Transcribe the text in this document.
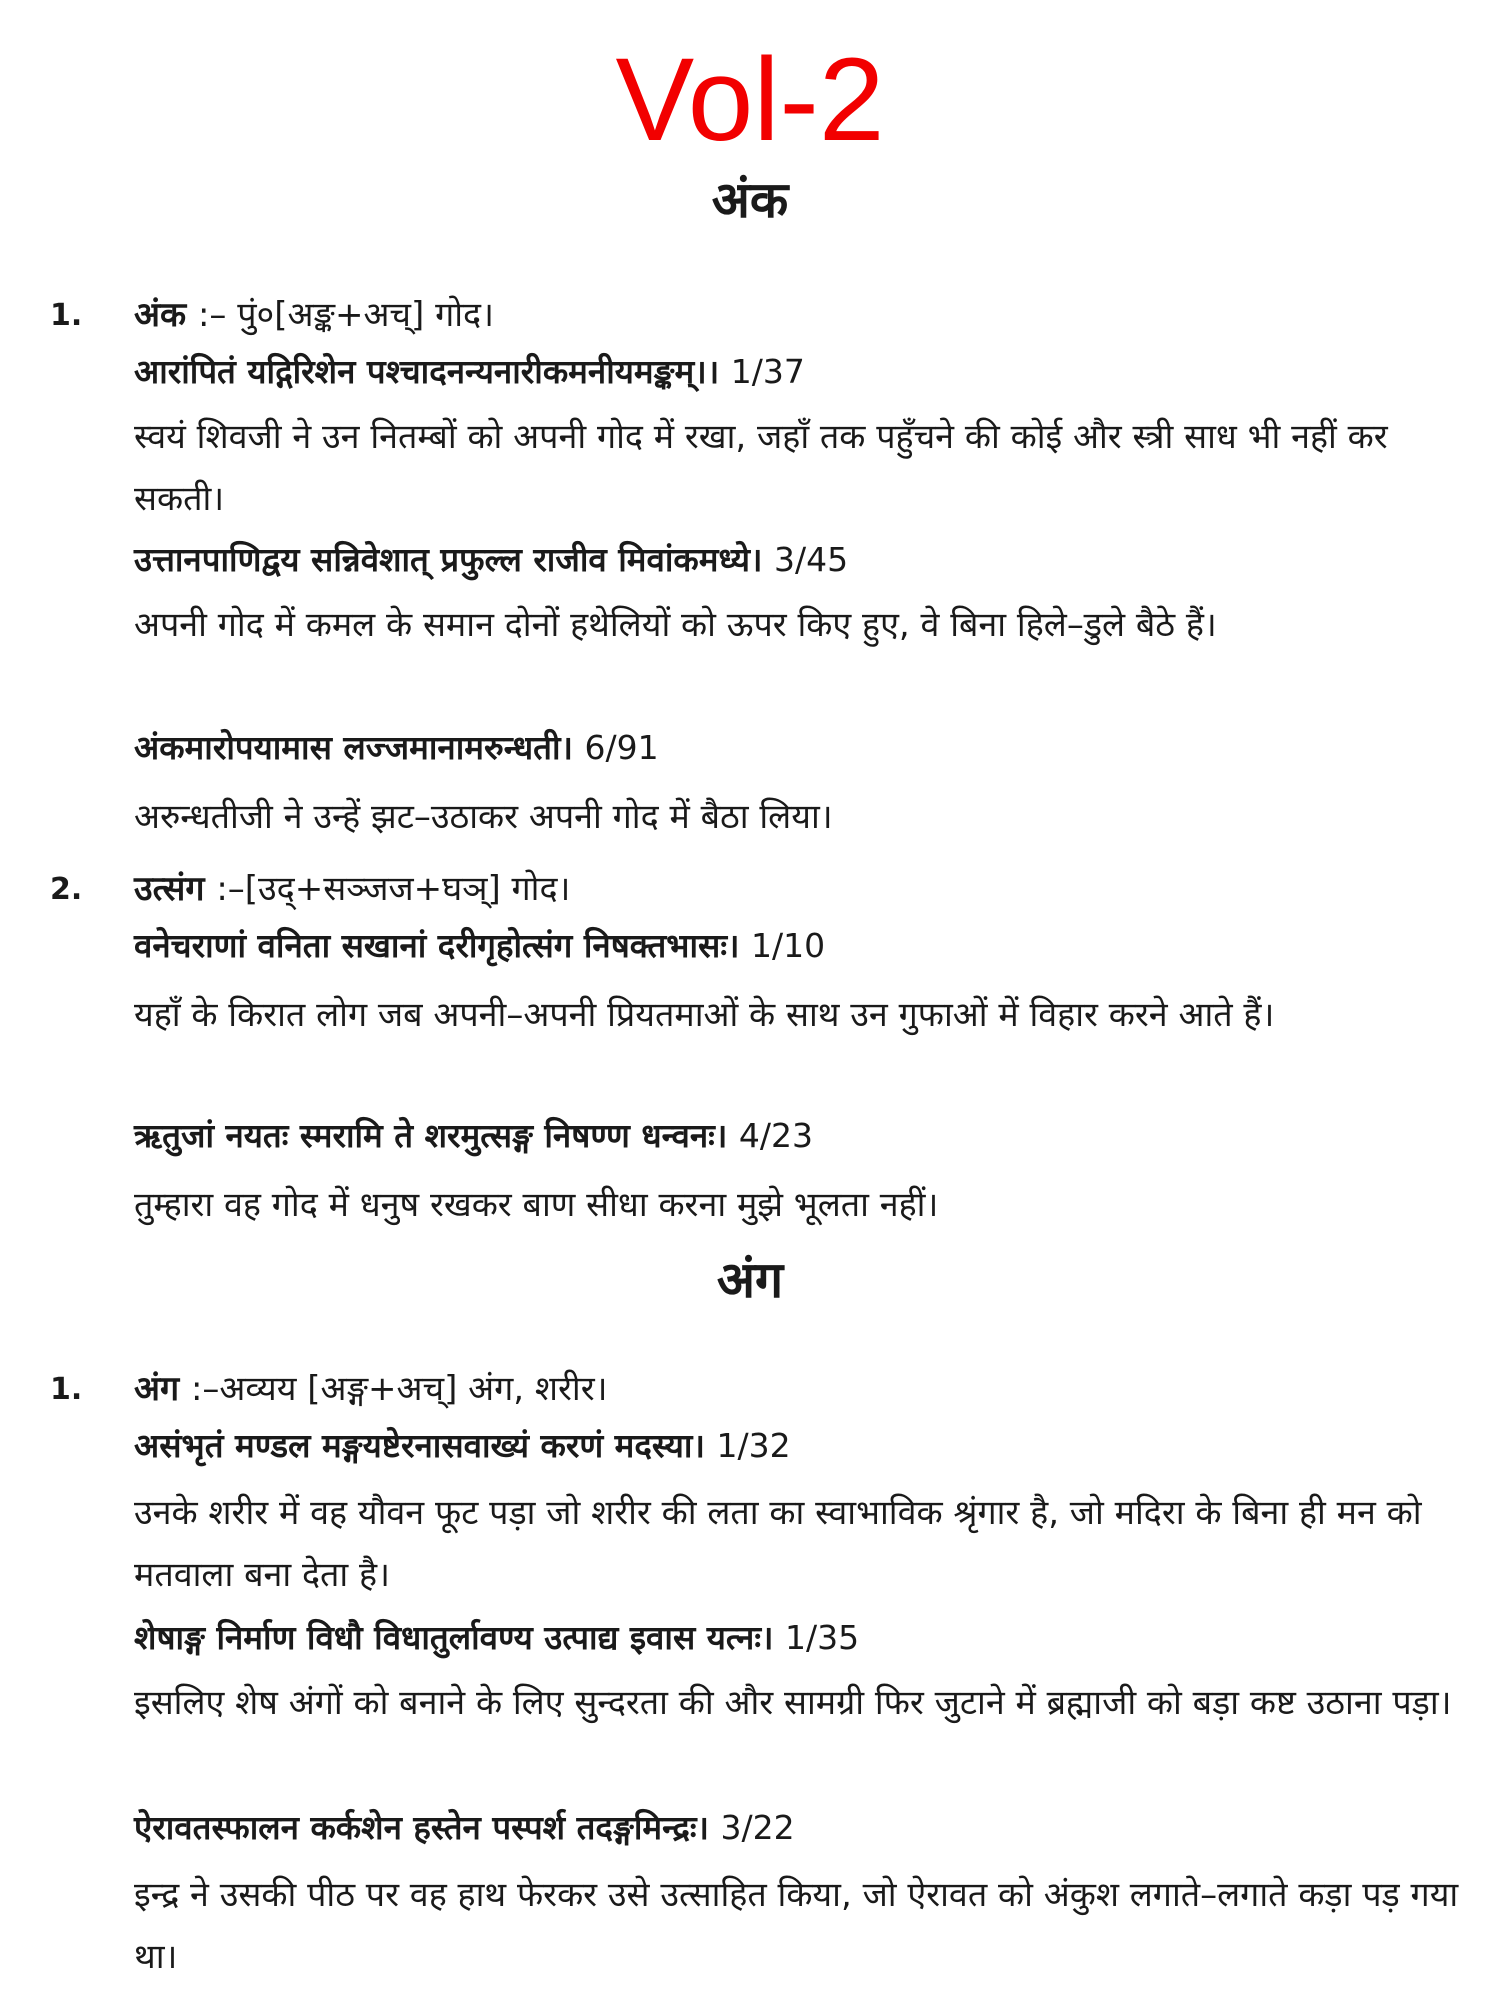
Vol-2
अंक
1.	अंक :– पुं०[अङ्क+अच्] गोद।
आरांपितं यद्गिरिशेन पश्चादनन्यनारीकमनीयमङ्कम्।। 1/37
स्वयं शिवजी ने उन नितम्बों को अपनी गोद में रखा, जहाँ तक पहुँचने की कोई और स्त्री साध भी नहीं कर सकती।
उत्तानपाणिद्वय सन्निवेशात् प्रफुल्ल राजीव मिवांकमध्ये। 3/45
अपनी गोद में कमल के समान दोनों हथेलियों को ऊपर किए हुए, वे बिना हिले–डुले बैठे हैं।
अंकमारोपयामास लज्जमानामरुन्धती। 6/91
अरुन्धतीजी ने उन्हें झट–उठाकर अपनी गोद में बैठा लिया।
2.	उत्संग :–[उद्+सञ्जज+घञ्] गोद।
वनेचराणां वनिता सखानां दरीगृहोत्संग निषक्तभासः। 1/10
यहाँ के किरात लोग जब अपनी–अपनी प्रियतमाओं के साथ उन गुफाओं में विहार करने आते हैं।
ऋतुजां नयतः स्मरामि ते शरमुत्सङ्ग निषण्ण धन्वनः। 4/23
तुम्हारा वह गोद में धनुष रखकर बाण सीधा करना मुझे भूलता नहीं।
अंग
1.	अंग :–अव्यय [अङ्ग+अच्] अंग, शरीर।
असंभृतं मण्डल मङ्गयष्टेरनासवाख्यं करणं मदस्या। 1/32
उनके शरीर में वह यौवन फूट पड़ा जो शरीर की लता का स्वाभाविक श्रृंगार है, जो मदिरा के बिना ही मन को मतवाला बना देता है।
शेषाङ्ग निर्माण विधौ विधातुर्लावण्य उत्पाद्य इवास यत्नः। 1/35
इसलिए शेष अंगों को बनाने के लिए सुन्दरता की और सामग्री फिर जुटाने में ब्रह्माजी को बड़ा कष्ट उठाना पड़ा।
ऐरावतस्फालन कर्कशेन हस्तेन पस्पर्श तदङ्गमिन्द्रः। 3/22
इन्द्र ने उसकी पीठ पर वह हाथ फेरकर उसे उत्साहित किया, जो ऐरावत को अंकुश लगाते–लगाते कड़ा पड़ गया था।
